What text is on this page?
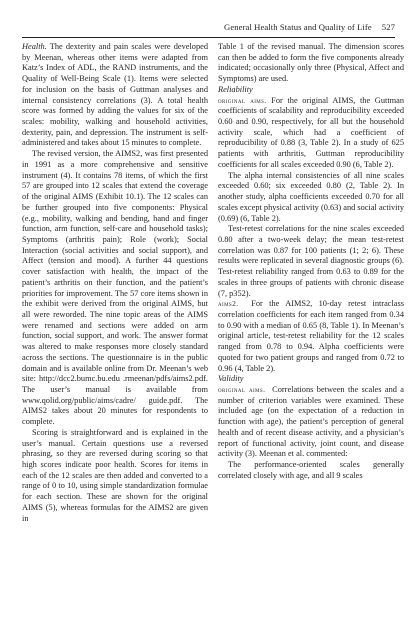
General Health Status and Quality of Life 527

Health. The dexterity and pain scales were developed by Meenan, whereas other items were adapted from Katz’s Index of ADL, the RAND instruments, and the Quality of Well-Being Scale (1). Items were selected for inclusion on the basis of Guttman analyses and internal consistency correlations (3). A total health score was formed by adding the values for six of the scales: mobility, walking and household activities, dexterity, pain, and depression. The instrument is self-administered and takes about 15 minutes to complete.

The revised version, the AIMS2, was first presented in 1991 as a more comprehensive and sensitive instrument (4). It contains 78 items, of which the first 57 are grouped into 12 scales that extend the coverage of the original AIMS (Exhibit 10.1). The 12 scales can be further grouped into five components: Physical (e.g., mobility, walking and bending, hand and finger function, arm function, self-care and household tasks); Symptoms (arthritis pain); Role (work); Social Interaction (social activities and social support), and Affect (tension and mood). A further 44 questions cover satisfaction with health, the impact of the patient’s arthritis on their function, and the patient’s priorities for improvement. The 57 core items shown in the exhibit were derived from the original AIMS, but all were reworded. The nine topic areas of the AIMS were renamed and sections were added on arm function, social support, and work. The answer format was altered to make responses more closely standard across the sections. The questionnaire is in the public domain and is available online from Dr. Meenan’s web site: http://dcc2.bumc.bu.edu .rmeenan/pdfs/aims2.pdf. The user’s manual is available from www.qolid.org/public/aims/cadre/ guide.pdf. The AIMS2 takes about 20 minutes for respondents to complete.

Scoring is straightforward and is explained in the user’s manual. Certain questions use a reversed phrasing, so they are reversed during scoring so that high scores indicate poor health. Scores for items in each of the 12 scales are then added and converted to a range of 0 to 10, using simple standardization formulae for each section. These are shown for the original AIMS (5), whereas formulas for the AIMS2 are given in

Table 1 of the revised manual. The dimension scores can then be added to form the five components already indicated; occasionally only three (Physical, Affect and Symptoms) are used.

Reliability

original aims. For the original AIMS, the Guttman coefficients of scalability and reproducibility exceeded 0.60 and 0.90, respectively, for all but the household activity scale, which had a coefficient of reproducibility of 0.88 (3, Table 2). In a study of 625 patients with arthritis, Guttman reproducibility coefficients for all scales exceeded 0.90 (6, Table 2).

The alpha internal consistencies of all nine scales exceeded 0.60; six exceeded 0.80 (2, Table 2). In another study, alpha coefficients exceeded 0.70 for all scales except physical activity (0.63) and social activity (0.69) (6, Table 2).

Test-retest correlations for the nine scales exceeded 0.80 after a two-week delay; the mean test-retest correlation was 0.87 for 100 patients (1; 2; 6). These results were replicated in several diagnostic groups (6). Test-retest reliability ranged from 0.63 to 0.89 for the scales in three groups of patients with chronic disease (7, p352).

aims2. For the AIMS2, 10-day retest intraclass correlation coefficients for each item ranged from 0.34 to 0.90 with a median of 0.65 (8, Table 1). In Meenan’s original article, test-retest reliability for the 12 scales ranged from 0.78 to 0.94. Alpha coefficients were quoted for two patient groups and ranged from 0.72 to 0.96 (4, Table 2).

Validity

original aims. Correlations between the scales and a number of criterion variables were examined. These included age (on the expectation of a reduction in function with age), the patient’s perception of general health and of recent disease activity, and a physician’s report of functional activity, joint count, and disease activity (3). Meenan et al. commented:

The performance-oriented scales generally correlated closely with age, and all 9 scales
